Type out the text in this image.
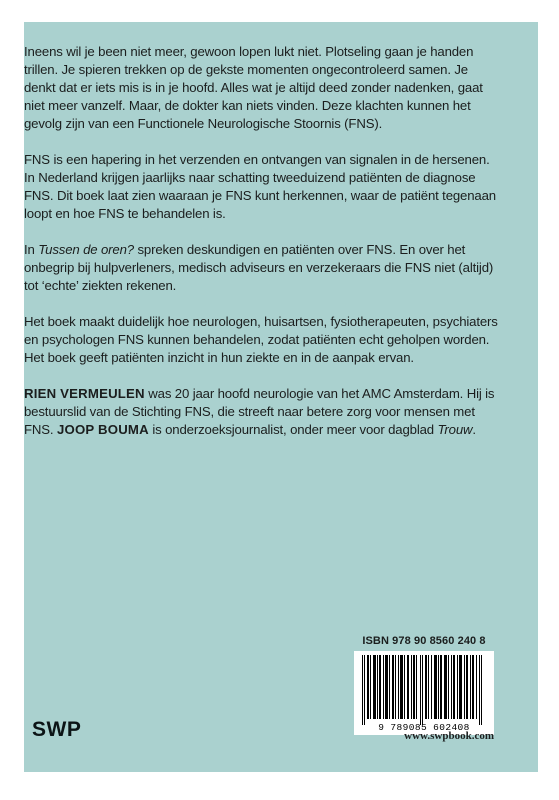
Ineens wil je been niet meer, gewoon lopen lukt niet. Plotseling gaan je handen trillen. Je spieren trekken op de gekste momenten ongecontroleerd samen. Je denkt dat er iets mis is in je hoofd. Alles wat je altijd deed zonder nadenken, gaat niet meer vanzelf. Maar, de dokter kan niets vinden. Deze klachten kunnen het gevolg zijn van een Functionele Neurologische Stoornis (FNS).

FNS is een hapering in het verzenden en ontvangen van signalen in de hersenen. In Nederland krijgen jaarlijks naar schatting tweeduizend patiënten de diagnose FNS. Dit boek laat zien waaraan je FNS kunt herkennen, waar de patiënt tegenaan loopt en hoe FNS te behandelen is.

In Tussen de oren? spreken deskundigen en patiënten over FNS. En over het onbegrip bij hulpverleners, medisch adviseurs en verzekeraars die FNS niet (altijd) tot ‘echte’ ziekten rekenen.

Het boek maakt duidelijk hoe neurologen, huisartsen, fysiotherapeuten, psychiaters en psychologen FNS kunnen behandelen, zodat patiënten echt geholpen worden. Het boek geeft patiënten inzicht in hun ziekte en in de aanpak ervan.

RIEN VERMEULEN was 20 jaar hoofd neurologie van het AMC Amsterdam. Hij is bestuurslid van de Stichting FNS, die streeft naar betere zorg voor mensen met FNS. JOOP BOUMA is onderzoeksjournalist, onder meer voor dagblad Trouw.

ISBN 978 90 8560 240 8
9 789085 602408
SWP	www.swpbook.com
